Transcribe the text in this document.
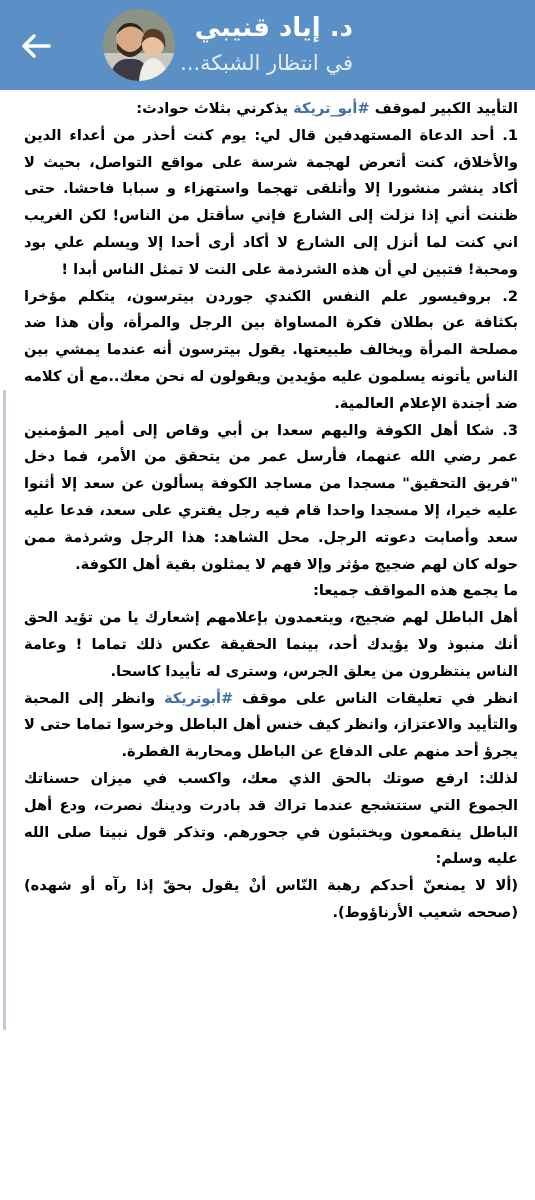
د. إياد قنيبي
في انتظار الشبكة...
التأييد الكبير لموقف #أبو_تريكة يذكرني بثلاث حوادث:
1. أحد الدعاة المستهدفين قال لي: يوم كنت أحذر من أعداء الدين والأخلاق، كنت أتعرض لهجمة شرسة على مواقع التواصل، بحيث لا أكاد ينشر منشورا إلا وأتلقى تهجما واستهزاء و سبابا فاحشا. حتى ظننت أني إذا نزلت إلى الشارع فإني سأقتل من الناس! لكن الغريب اني كنت لما أنزل إلى الشارع لا أكاد أرى أحدا إلا ويسلم علي بود ومحبة! فتبين لي أن هذه الشرذمة على النت لا تمثل الناس أبدا !
2. بروفيسور علم النفس الكندي جوردن بيترسون، يتكلم مؤخرا بكثافة عن بطلان فكرة المساواة بين الرجل والمرأة، وأن هذا ضد مصلحة المرأة ويخالف طبيعتها. يقول بيترسون أنه عندما يمشي بين الناس يأتونه يسلمون عليه مؤيدين ويقولون له نحن معك..مع أن كلامه ضد أجندة الإعلام العالمية.
3. شكا أهل الكوفة واليهم سعدا بن أبي وقاص إلى أمير المؤمنين عمر رضي الله عنهما، فأرسل عمر من يتحقق من الأمر، فما دخل "فريق التحقيق" مسجدا من مساجد الكوفة يسألون عن سعد إلا أثنوا عليه خيرا، إلا مسجدا واحدا قام فيه رجل يفتري على سعد، فدعا عليه سعد وأصابت دعوته الرجل. محل الشاهد: هذا الرجل وشرذمة ممن حوله كان لهم ضجيج مؤثر وإلا فهم لا يمثلون بقية أهل الكوفة.
ما يجمع هذه المواقف جميعا:
أهل الباطل لهم ضجيج، ويتعمدون بإعلامهم إشعارك يا من تؤيد الحق أنك منبوذ ولا يؤيدك أحد، بينما الحقيقة عكس ذلك تماما ! وعامة الناس ينتظرون من يعلق الجرس، وسترى له تأييدا كاسحا.
انظر في تعليقات الناس على موقف #أبوتريكة وانظر إلى المحبة والتأييد والاعتزاز، وانظر كيف خنس أهل الباطل وخرسوا تماما حتى لا يجرؤ أحد منهم على الدفاع عن الباطل ومحاربة الفطرة.
لذلك: ارفع صوتك بالحق الذي معك، واكسب في ميزان حسناتك الجموع التي ستتشجع عندما تراك قد بادرت ودينك نصرت، ودع أهل الباطل ينقمعون ويختبئون في جحورهم. وتذكر قول نبينا صلى الله عليه وسلم:
(ألا لا يمنعنّ أحدكم رهبة النّاس أنْ يقول بحقّ إذا رآه أو شهده) (صححه شعيب الأرناؤوط).
